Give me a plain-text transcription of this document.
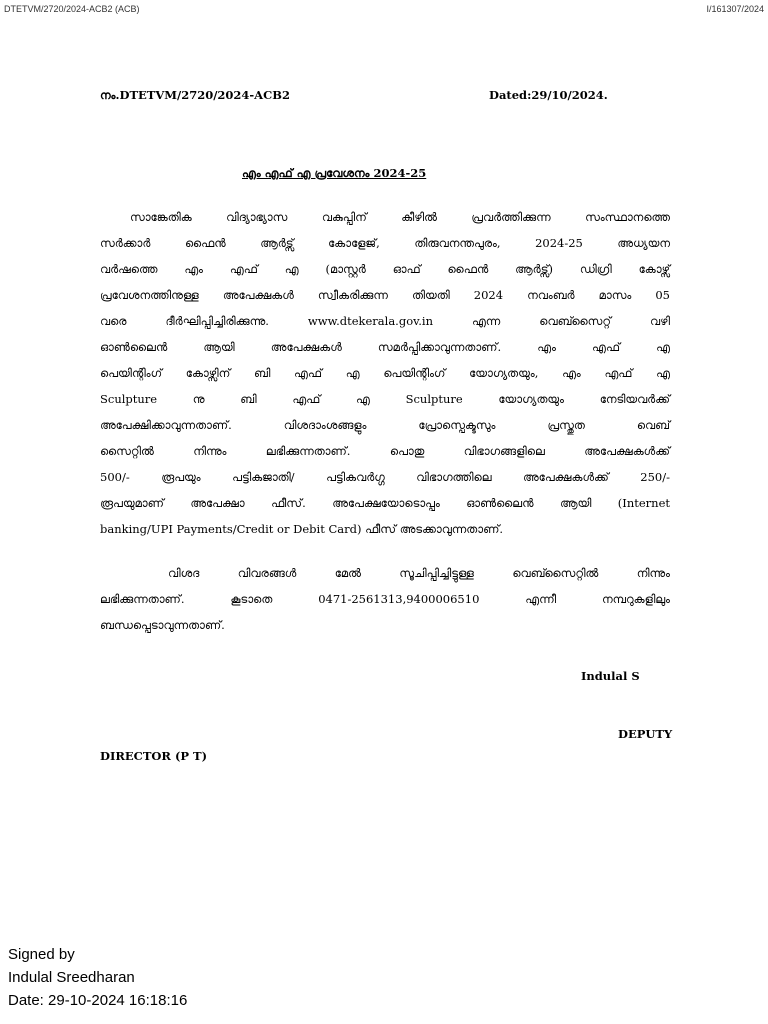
DTETVM/2720/2024-ACB2 (ACB)	I/161307/2024
നം.DTETVM/2720/2024-ACB2	Dated:29/10/2024.
എം എഫ് എ പ്രവേശനം 2024-25
സാങ്കേതിക വിദ്യാഭ്യാസ വകുപ്പിന് കീഴിൽ പ്രവർത്തിക്കുന്ന സംസ്ഥാനത്തെ
സർക്കാർ ഫൈൻ ആർട്സ് കോളേജ്, തിരുവനന്തപുരം, 2024-25 അധ്യയന
വർഷത്തെ എം എഫ് എ (മാസ്റ്റർ ഓഫ് ഫൈൻ ആർട്സ്) ഡിഗ്രി കോഴ്സ്
പ്രവേശനത്തിനുള്ള അപേക്ഷകൾ സ്വീകരിക്കുന്ന തിയതി 2024 നവംബർ മാസം 05
വരെ ദീർഘിപ്പിച്ചിരിക്കുന്നു. www.dtekerala.gov.in എന്ന വെബ്സൈറ്റ് വഴി
ഓൺലൈൻ ആയി അപേക്ഷകൾ സമർപ്പിക്കാവുന്നതാണ്. എം എഫ് എ
പെയിന്റിംഗ് കോഴ്സിന് ബി എഫ് എ പെയിന്റിംഗ് യോഗ്യതയും, എം എഫ് എ
Sculpture നു ബി എഫ് എ Sculpture യോഗ്യതയും നേടിയവർക്ക്
അപേക്ഷിക്കാവുന്നതാണ്. വിശദാംശങ്ങളും പ്രോസ്പെക്ടസും പ്രസ്തുത വെബ്
സൈറ്റിൽ നിന്നും ലഭിക്കുന്നതാണ്. പൊതു വിഭാഗങ്ങളിലെ അപേക്ഷകൾക്ക്
500/- രൂപയും പട്ടികജാതി/ പട്ടികവർഗ്ഗ വിഭാഗത്തിലെ അപേക്ഷകൾക്ക് 250/-
രൂപയുമാണ് അപേക്ഷാ ഫീസ്. അപേക്ഷയോടൊപ്പം ഓൺലൈൻ ആയി (Internet
banking/UPI Payments/Credit or Debit Card) ഫീസ് അടക്കാവുന്നതാണ്.
വിശദ വിവരങ്ങൾ മേൽ സൂചിപ്പിച്ചിട്ടുള്ള വെബ്സൈറ്റിൽ നിന്നും
ലഭിക്കുന്നതാണ്. കൂടാതെ 0471-2561313,9400006510 എന്നീ നമ്പറുകളിലും
ബന്ധപ്പെടാവുന്നതാണ്.
Indulal S
DEPUTY
DIRECTOR (P T)
Signed by
Indulal Sreedharan
Date: 29-10-2024 16:18:16
